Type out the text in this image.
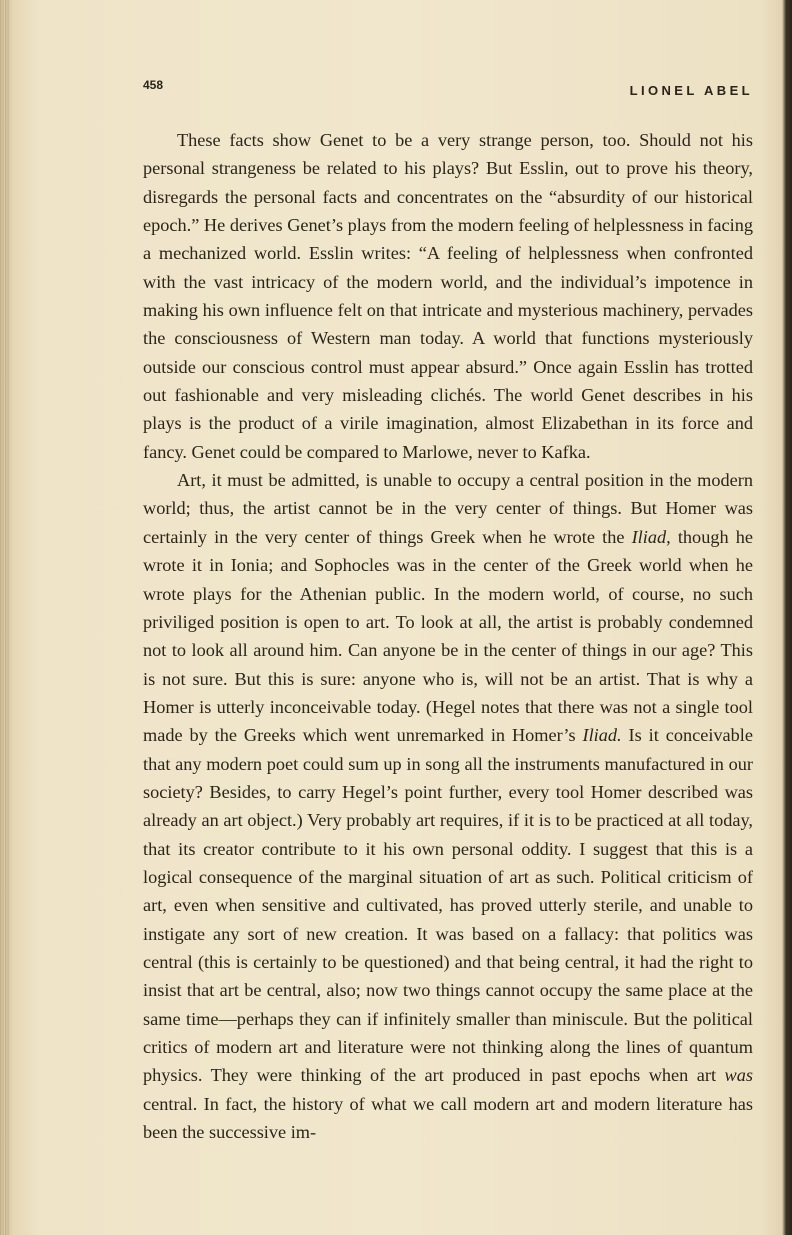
458	LIONEL ABEL

These facts show Genet to be a very strange person, too. Should not his personal strangeness be related to his plays? But Esslin, out to prove his theory, disregards the personal facts and concentrates on the “absurdity of our historical epoch.” He derives Genet’s plays from the modern feeling of helplessness in facing a mechanized world. Esslin writes: “A feeling of helplessness when confronted with the vast intricacy of the modern world, and the individual’s impotence in making his own influence felt on that intricate and mysterious machinery, pervades the consciousness of Western man today. A world that functions mysteriously outside our conscious control must appear absurd.” Once again Esslin has trotted out fashionable and very misleading clichés. The world Genet describes in his plays is the product of a virile imagination, almost Elizabethan in its force and fancy. Genet could be compared to Marlowe, never to Kafka.

Art, it must be admitted, is unable to occupy a central position in the modern world; thus, the artist cannot be in the very center of things. But Homer was certainly in the very center of things Greek when he wrote the Iliad, though he wrote it in Ionia; and Sophocles was in the center of the Greek world when he wrote plays for the Athenian public. In the modern world, of course, no such priviliged position is open to art. To look at all, the artist is probably condemned not to look all around him. Can anyone be in the center of things in our age? This is not sure. But this is sure: anyone who is, will not be an artist. That is why a Homer is utterly inconceivable today. (Hegel notes that there was not a single tool made by the Greeks which went unremarked in Homer’s Iliad. Is it conceivable that any modern poet could sum up in song all the instruments manufactured in our society? Besides, to carry Hegel’s point further, every tool Homer described was already an art object.) Very probably art requires, if it is to be practiced at all today, that its creator contribute to it his own personal oddity. I suggest that this is a logical consequence of the marginal situation of art as such. Political criticism of art, even when sensitive and cultivated, has proved utterly sterile, and unable to instigate any sort of new creation. It was based on a fallacy: that politics was central (this is certainly to be questioned) and that being central, it had the right to insist that art be central, also; now two things cannot occupy the same place at the same time—perhaps they can if infinitely smaller than miniscule. But the political critics of modern art and literature were not thinking along the lines of quantum physics. They were thinking of the art produced in past epochs when art was central. In fact, the history of what we call modern art and modern literature has been the successive im-
